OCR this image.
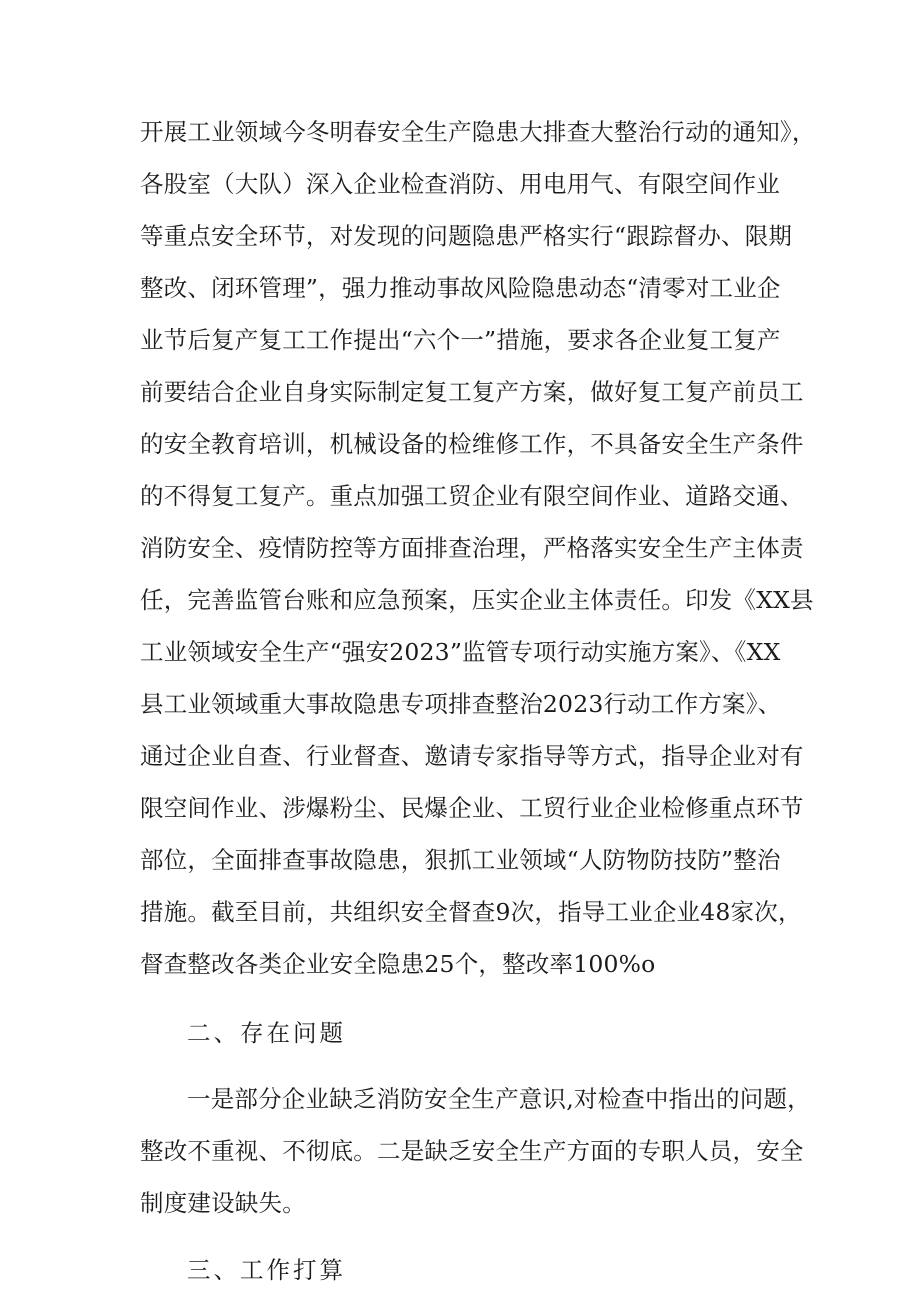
开展工业领域今冬明春安全生产隐患大排查大整治行动的通知》，
各股室（大队）深入企业检查消防、用电用气、有限空间作业
等重点安全环节，对发现的问题隐患严格实行“跟踪督办、限期
整改、闭环管理”，强力推动事故风险隐患动态“清零对工业企
业节后复产复工工作提出“六个一”措施，要求各企业复工复产
前要结合企业自身实际制定复工复产方案，做好复工复产前员工
的安全教育培训，机械设备的检维修工作，不具备安全生产条件
的不得复工复产。重点加强工贸企业有限空间作业、道路交通、
消防安全、疫情防控等方面排查治理，严格落实安全生产主体责
任，完善监管台账和应急预案，压实企业主体责任。印发《XX县
工业领域安全生产“强安2023”监管专项行动实施方案》、《XX
县工业领域重大事故隐患专项排查整治2023行动工作方案》、
通过企业自查、行业督查、邀请专家指导等方式，指导企业对有
限空间作业、涉爆粉尘、民爆企业、工贸行业企业检修重点环节
部位，全面排查事故隐患，狠抓工业领域“人防物防技防”整治
措施。截至目前，共组织安全督查9次，指导工业企业48家次，
督查整改各类企业安全隐患25个，整改率100%o
二、存在问题
一是部分企业缺乏消防安全生产意识,对检查中指出的问题，
整改不重视、不彻底。二是缺乏安全生产方面的专职人员，安全
制度建设缺失。
三、工作打算
